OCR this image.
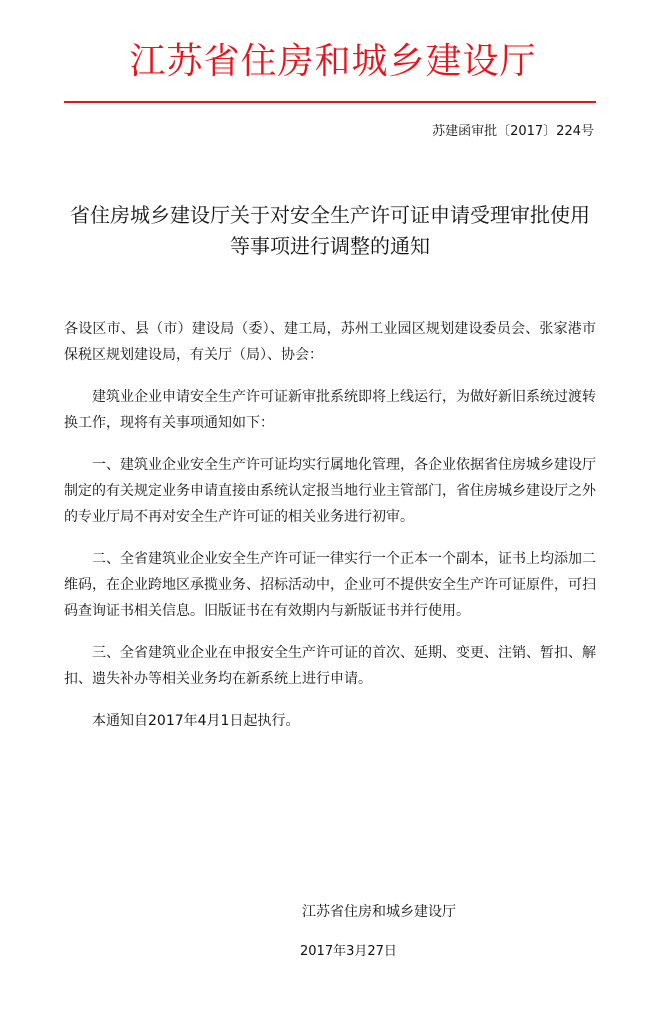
江苏省住房和城乡建设厅
苏建函审批〔2017〕224号
省住房城乡建设厅关于对安全生产许可证申请受理审批使用等事项进行调整的通知

各设区市、县（市）建设局（委）、建工局，苏州工业园区规划建设委员会、张家港市保税区规划建设局，有关厅（局）、协会：

建筑业企业申请安全生产许可证新审批系统即将上线运行，为做好新旧系统过渡转换工作，现将有关事项通知如下：

一、建筑业企业安全生产许可证均实行属地化管理，各企业依据省住房城乡建设厅制定的有关规定业务申请直接由系统认定报当地行业主管部门，省住房城乡建设厅之外的专业厅局不再对安全生产许可证的相关业务进行初审。

二、全省建筑业企业安全生产许可证一律实行一个正本一个副本，证书上均添加二维码，在企业跨地区承揽业务、招标活动中，企业可不提供安全生产许可证原件，可扫码查询证书相关信息。旧版证书在有效期内与新版证书并行使用。

三、全省建筑业企业在申报安全生产许可证的首次、延期、变更、注销、暂扣、解扣、遗失补办等相关业务均在新系统上进行申请。

本通知自2017年4月1日起执行。

江苏省住房和城乡建设厅
2017年3月27日
